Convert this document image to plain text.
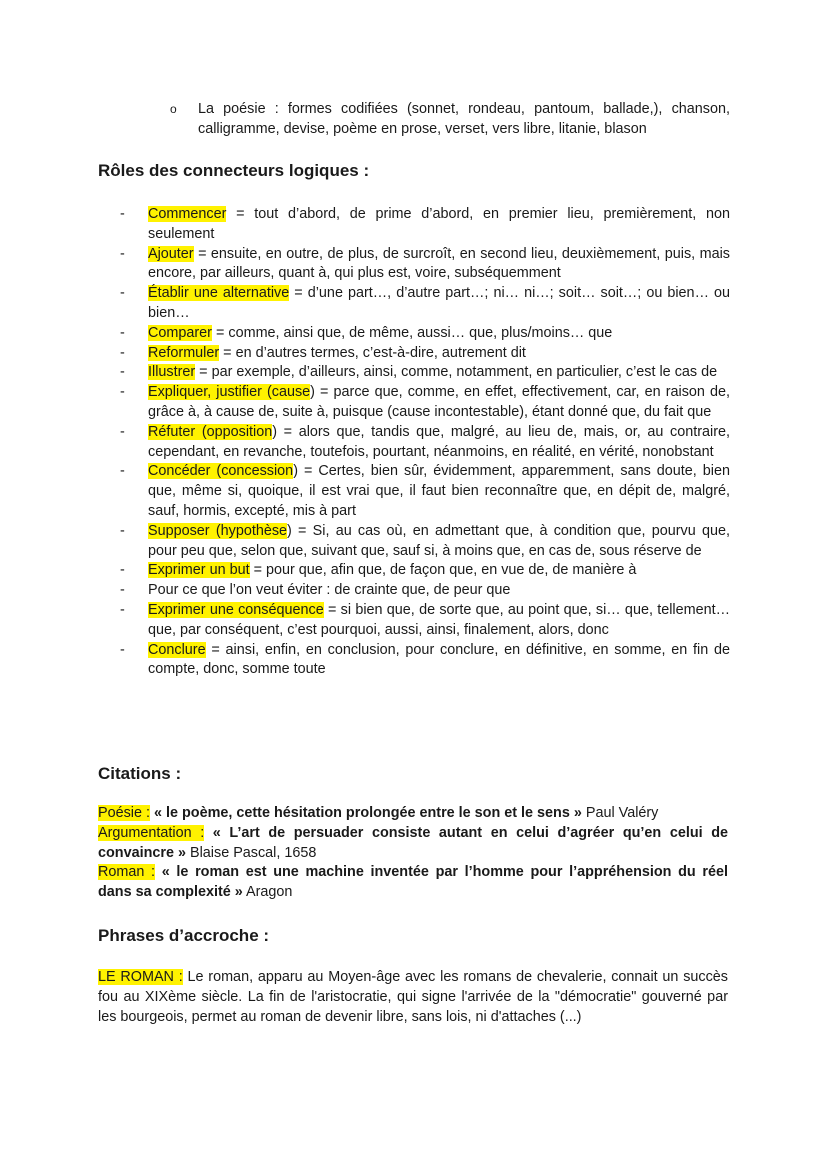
o	La poésie : formes codifiées (sonnet, rondeau, pantoum, ballade,), chanson, calligramme, devise, poème en prose, verset, vers libre, litanie, blason
Rôles des connecteurs logiques :
-	Commencer = tout d’abord, de prime d’abord, en premier lieu, premièrement, non seulement
-	Ajouter = ensuite, en outre, de plus, de surcroît, en second lieu, deuxièmement, puis, mais encore, par ailleurs, quant à, qui plus est, voire, subséquemment
-	Établir une alternative = d’une part…, d’autre part…; ni… ni…; soit… soit…; ou bien… ou bien…
-	Comparer = comme, ainsi que, de même, aussi… que, plus/moins… que
-	Reformuler = en d’autres termes, c’est-à-dire, autrement dit
-	Illustrer = par exemple, d’ailleurs, ainsi, comme, notamment, en particulier, c’est le cas de
-	Expliquer, justifier (cause) = parce que, comme, en effet, effectivement, car, en raison de, grâce à, à cause de, suite à, puisque (cause incontestable), étant donné que, du fait que
-	Réfuter (opposition) = alors que, tandis que, malgré, au lieu de, mais, or, au contraire, cependant, en revanche, toutefois, pourtant, néanmoins, en réalité, en vérité, nonobstant
-	Concéder (concession) = Certes, bien sûr, évidemment, apparemment, sans doute, bien que, même si, quoique, il est vrai que, il faut bien reconnaître que, en dépit de, malgré, sauf, hormis, excepté, mis à part
-	Supposer (hypothèse) = Si, au cas où, en admettant que, à condition que, pourvu que, pour peu que, selon que, suivant que, sauf si, à moins que, en cas de, sous réserve de
-	Exprimer un but = pour que, afin que, de façon que, en vue de, de manière à
-	Pour ce que l’on veut éviter : de crainte que, de peur que
-	Exprimer une conséquence = si bien que, de sorte que, au point que, si… que, tellement… que, par conséquent, c’est pourquoi, aussi, ainsi, finalement, alors, donc
-	Conclure = ainsi, enfin, en conclusion, pour conclure, en définitive, en somme, en fin de compte, donc, somme toute
Citations :

Poésie : « le poème, cette hésitation prolongée entre le son et le sens » Paul Valéry

Argumentation : « L’art de persuader consiste autant en celui d’agréer qu’en celui de convaincre » Blaise Pascal, 1658

Roman : « le roman est une machine inventée par l’homme pour l’appréhension du réel dans sa complexité » Aragon

Phrases d’accroche :

LE ROMAN : Le roman, apparu au Moyen-âge avec les romans de chevalerie, connait un succès fou au XIXème siècle. La fin de l'aristocratie, qui signe l'arrivée de la "démocratie" gouverné par les bourgeois, permet au roman de devenir libre, sans lois, ni d'attaches (...)
